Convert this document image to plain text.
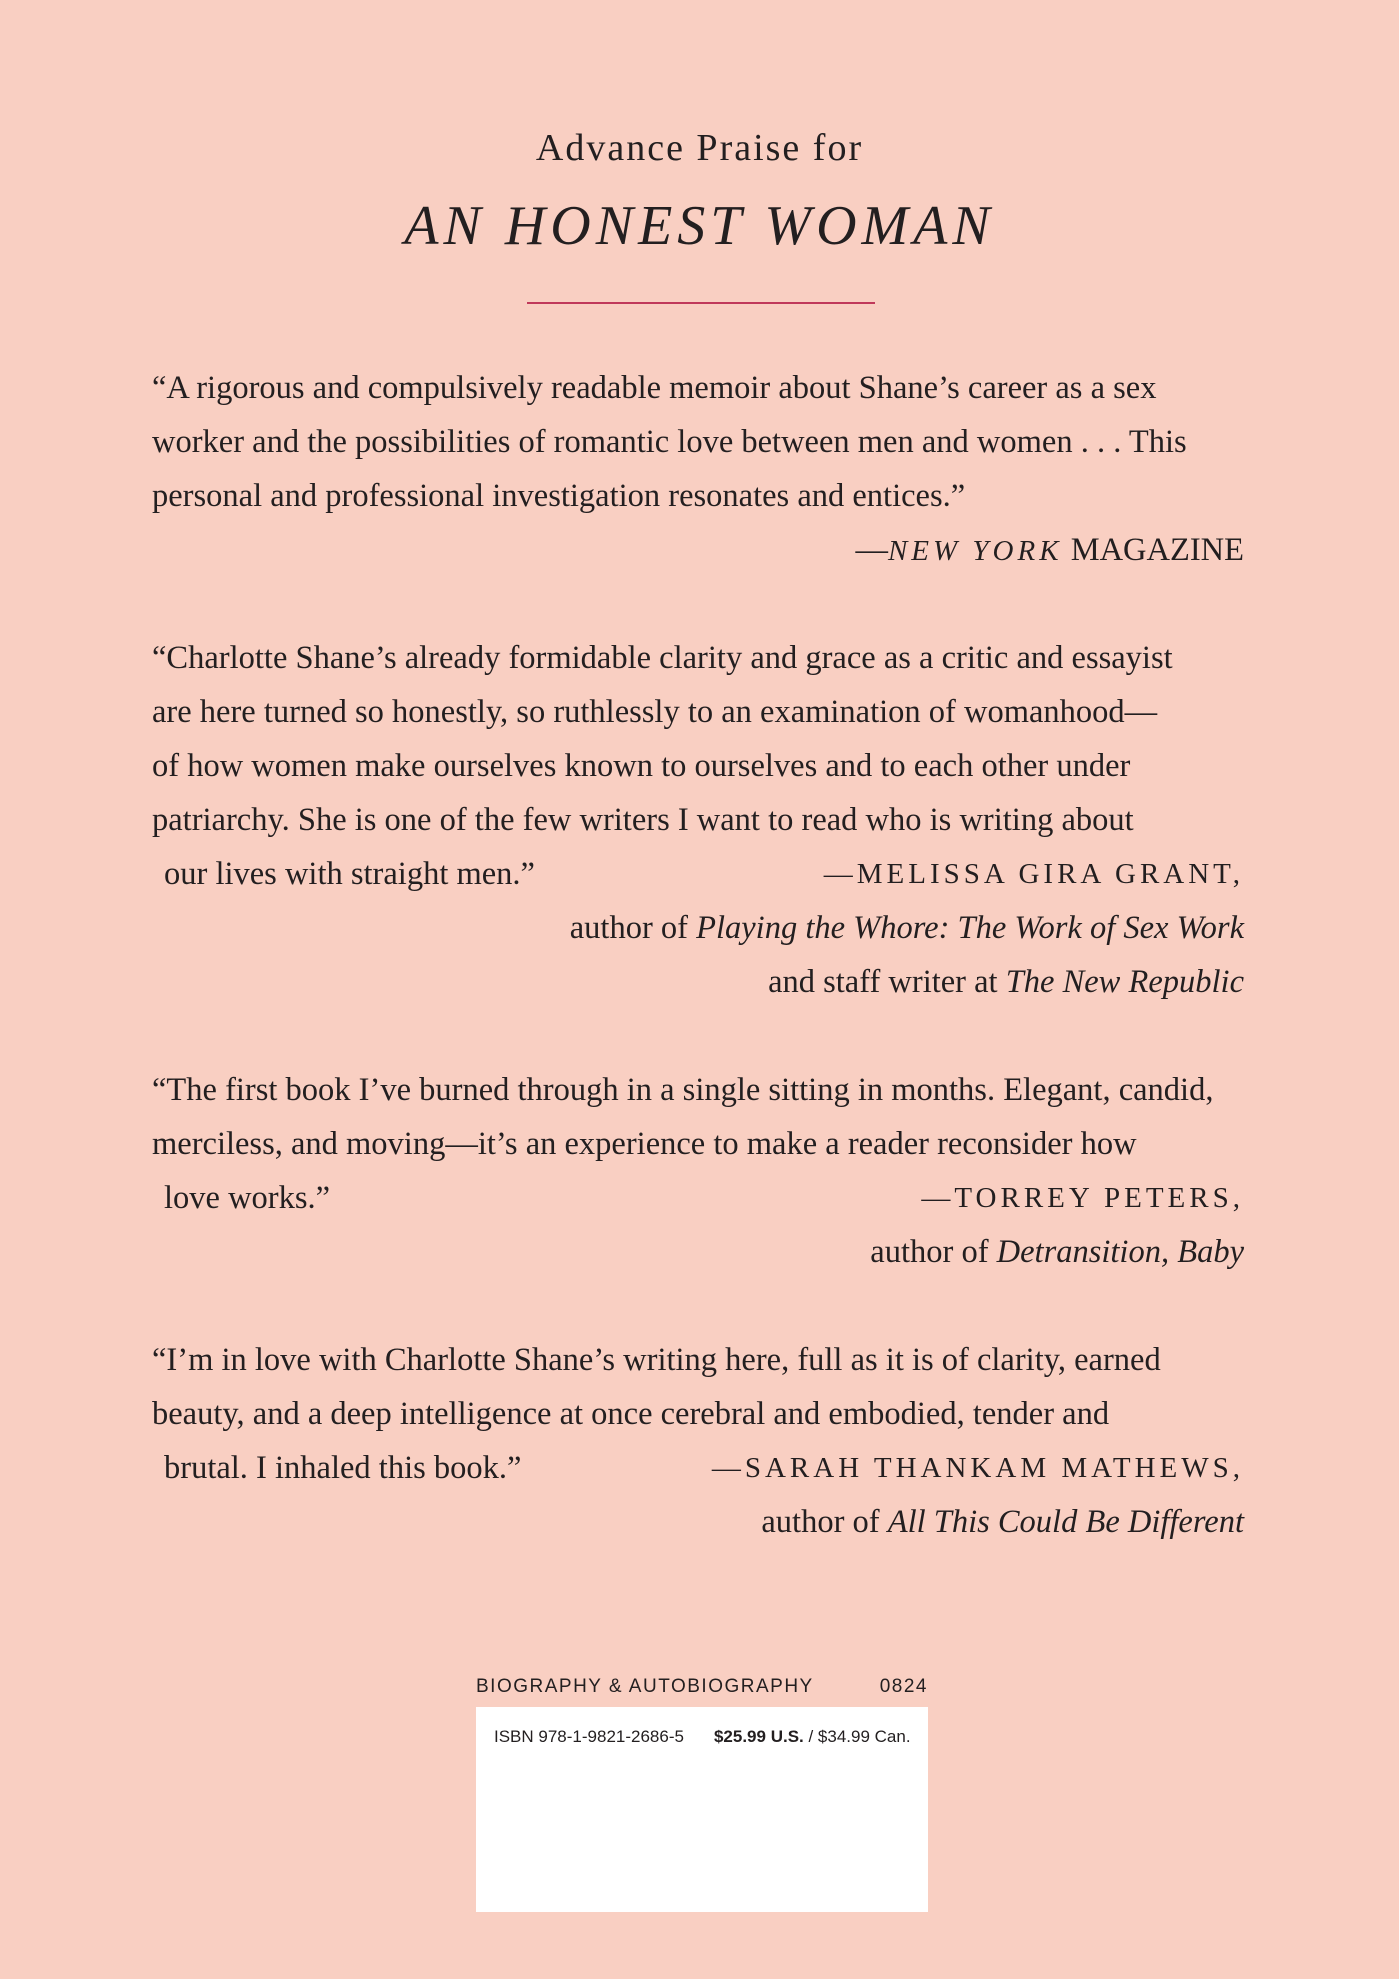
Advance Praise for
AN HONEST WOMAN

“A rigorous and compulsively readable memoir about Shane’s career as a sex

worker and the possibilities of romantic love between men and women . . . This

personal and professional investigation resonates and entices.”

—NEW YORK MAGAZINE

“Charlotte Shane’s already formidable clarity and grace as a critic and essayist

are here turned so honestly, so ruthlessly to an examination of womanhood—

of how women make ourselves known to ourselves and to each other under

patriarchy. She is one of the few writers I want to read who is writing about

our lives with straight men.”	—MELISSA GIRA GRANT,
author of Playing the Whore: The Work of Sex Work
and staff writer at The New Republic

“The first book I’ve burned through in a single sitting in months. Elegant, candid,

merciless, and moving—it’s an experience to make a reader reconsider how

love works.”	—TORREY PETERS,
author of Detransition, Baby

“I’m in love with Charlotte Shane’s writing here, full as it is of clarity, earned

beauty, and a deep intelligence at once cerebral and embodied, tender and

brutal. I inhaled this book.”	—SARAH THANKAM MATHEWS,
author of All This Could Be Different
BIOGRAPHY & AUTOBIOGRAPHY	0824
ISBN 978-1-9821-2686-5 $25.99 U.S. / $34.99 Can.
